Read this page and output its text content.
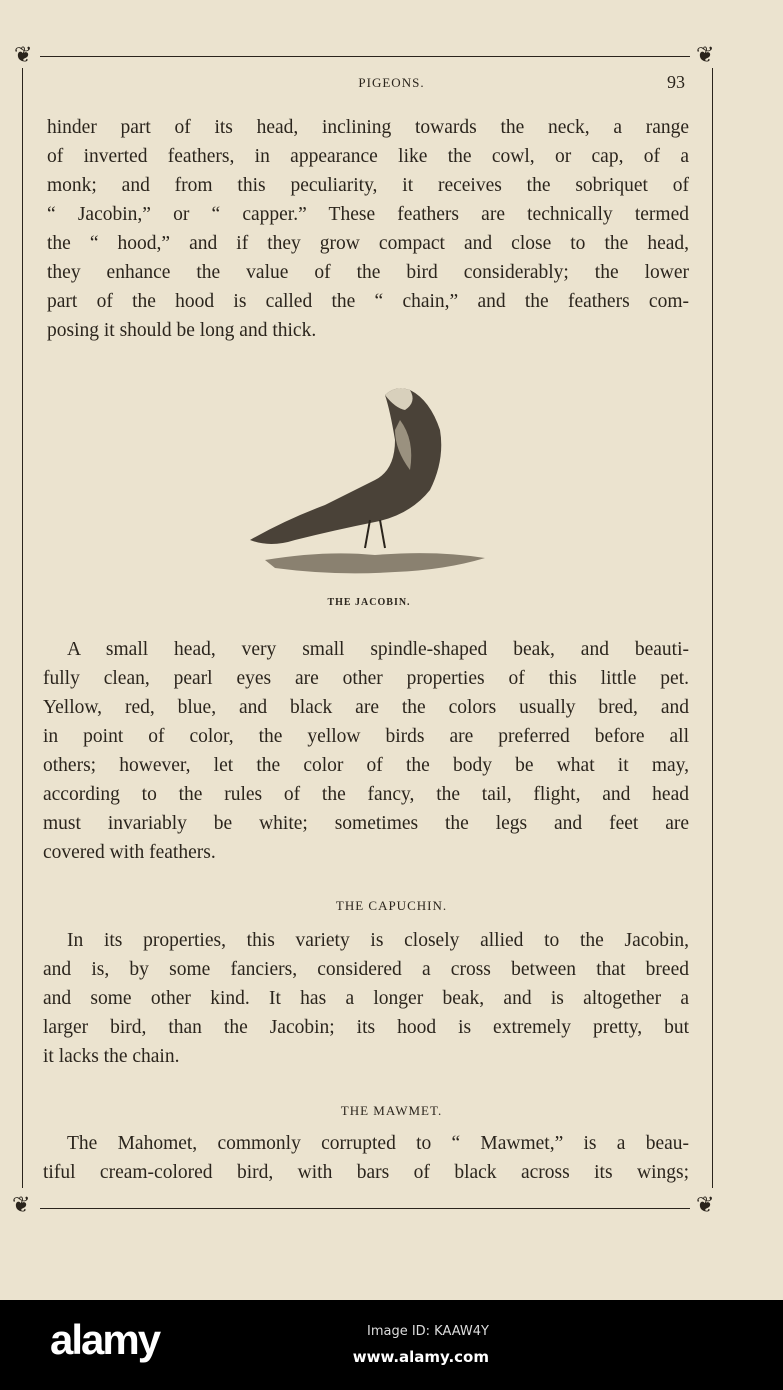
❦	❦
❦	❦
PIGEONS.	93
hinder part of its head, inclining towards the neck, a range
of inverted feathers, in appearance like the cowl, or cap, of a
monk; and from this peculiarity, it receives the sobriquet of
“ Jacobin,” or “ capper.” These feathers are technically termed
the “ hood,” and if they grow compact and close to the head,
they enhance the value of the bird considerably; the lower
part of the hood is called the “ chain,” and the feathers com-
posing it should be long and thick.
THE JACOBIN.
A small head, very small spindle-shaped beak, and beauti-
fully clean, pearl eyes are other properties of this little pet.
Yellow, red, blue, and black are the colors usually bred, and
in point of color, the yellow birds are preferred before all
others; however, let the color of the body be what it may,
according to the rules of the fancy, the tail, flight, and head
must invariably be white; sometimes the legs and feet are
covered with feathers.
THE CAPUCHIN.
In its properties, this variety is closely allied to the Jacobin,
and is, by some fanciers, considered a cross between that breed
and some other kind. It has a longer beak, and is altogether a
larger bird, than the Jacobin; its hood is extremely pretty, but
it lacks the chain.
THE MAWMET.
The Mahomet, commonly corrupted to “ Mawmet,” is a beau-
tiful cream-colored bird, with bars of black across its wings;
alamy	Image ID: KAAW4Y
www.alamy.com
